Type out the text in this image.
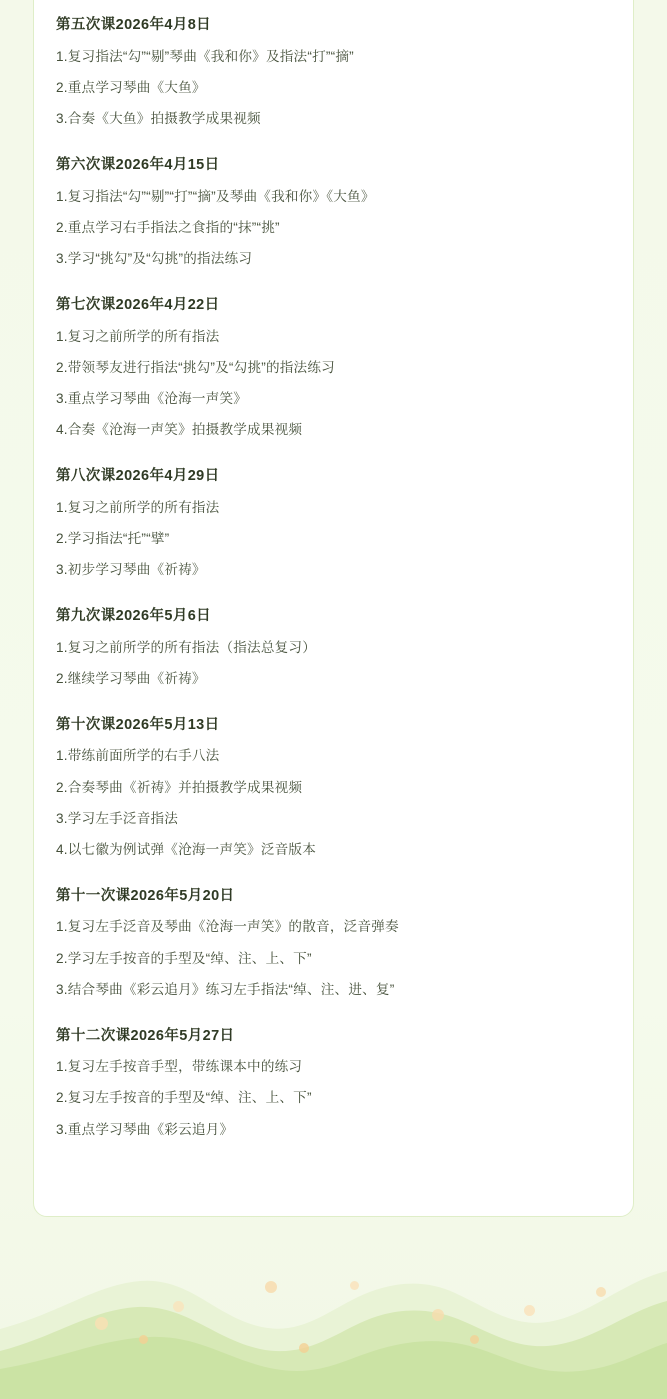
第五次课2026年4月8日

1.复习指法“勾”“剔”琴曲《我和你》及指法“打”“摘”

2.重点学习琴曲《大鱼》

3.合奏《大鱼》拍摄教学成果视频

第六次课2026年4月15日

1.复习指法“勾”“剔”“打”“摘”及琴曲《我和你》《大鱼》

2.重点学习右手指法之食指的“抹”“挑”

3.学习“挑勾”及“勾挑”的指法练习

第七次课2026年4月22日

1.复习之前所学的所有指法

2.带领琴友进行指法“挑勾”及“勾挑”的指法练习

3.重点学习琴曲《沧海一声笑》

4.合奏《沧海一声笑》拍摄教学成果视频

第八次课2026年4月29日

1.复习之前所学的所有指法

2.学习指法“托”“擘”

3.初步学习琴曲《祈祷》

第九次课2026年5月6日

1.复习之前所学的所有指法（指法总复习）

2.继续学习琴曲《祈祷》

第十次课2026年5月13日

1.带练前面所学的右手八法

2.合奏琴曲《祈祷》并拍摄教学成果视频

3.学习左手泛音指法

4.以七徽为例试弹《沧海一声笑》泛音版本

第十一次课2026年5月20日

1.复习左手泛音及琴曲《沧海一声笑》的散音，泛音弹奏

2.学习左手按音的手型及“绰、注、上、下”

3.结合琴曲《彩云追月》练习左手指法“绰、注、进、复”

第十二次课2026年5月27日

1.复习左手按音手型，带练课本中的练习

2.复习左手按音的手型及“绰、注、上、下”

3.重点学习琴曲《彩云追月》
